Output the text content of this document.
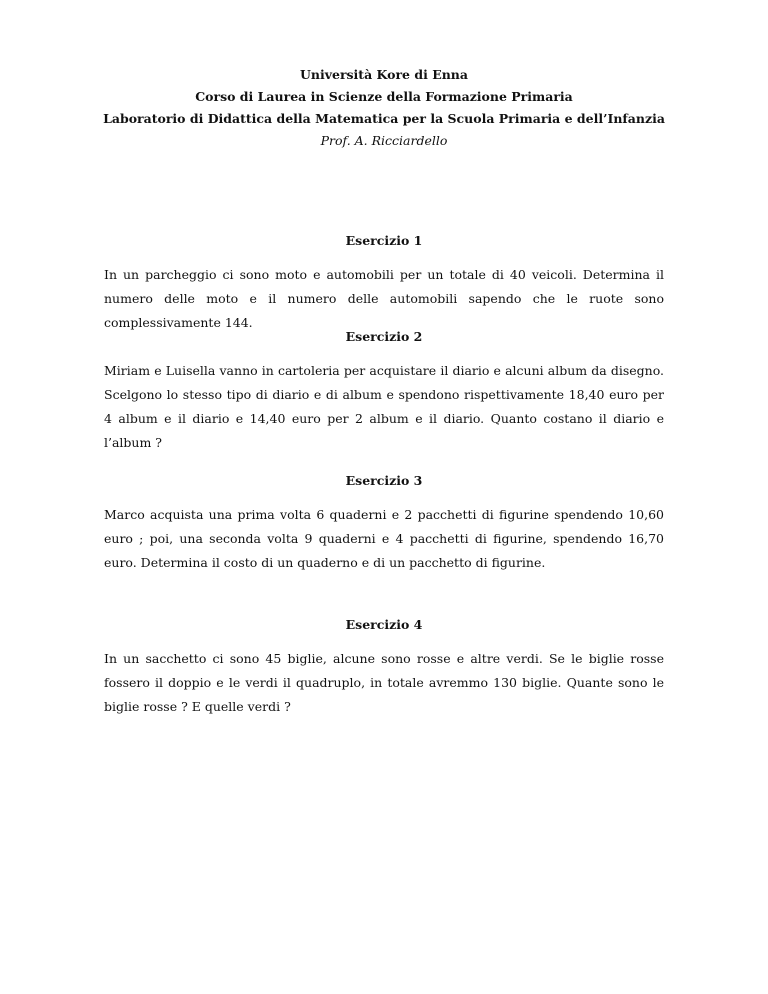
Università Kore di Enna
Corso di Laurea in Scienze della Formazione Primaria
Laboratorio di Didattica della Matematica per la Scuola Primaria e dell’Infanzia
Prof. A. Ricciardello
Esercizio 1

In un parcheggio ci sono moto e automobili per un totale di 40 veicoli. Determina il numero delle moto e il numero delle automobili sapendo che le ruote sono complessivamente 144.

Esercizio 2

Miriam e Luisella vanno in cartoleria per acquistare il diario e alcuni album da disegno. Scelgono lo stesso tipo di diario e di album e spendono rispettivamente 18,40 euro per 4 album e il diario e 14,40 euro per 2 album e il diario. Quanto costano il diario e l’album ?

Esercizio 3

Marco acquista una prima volta 6 quaderni e 2 pacchetti di figurine spendendo 10,60 euro ; poi, una seconda volta 9 quaderni e 4 pacchetti di figurine, spendendo 16,70 euro. Determina il costo di un quaderno e di un pacchetto di figurine.

Esercizio 4

In un sacchetto ci sono 45 biglie, alcune sono rosse e altre verdi. Se le biglie rosse fossero il doppio e le verdi il quadruplo, in totale avremmo 130 biglie. Quante sono le biglie rosse ? E quelle verdi ?
